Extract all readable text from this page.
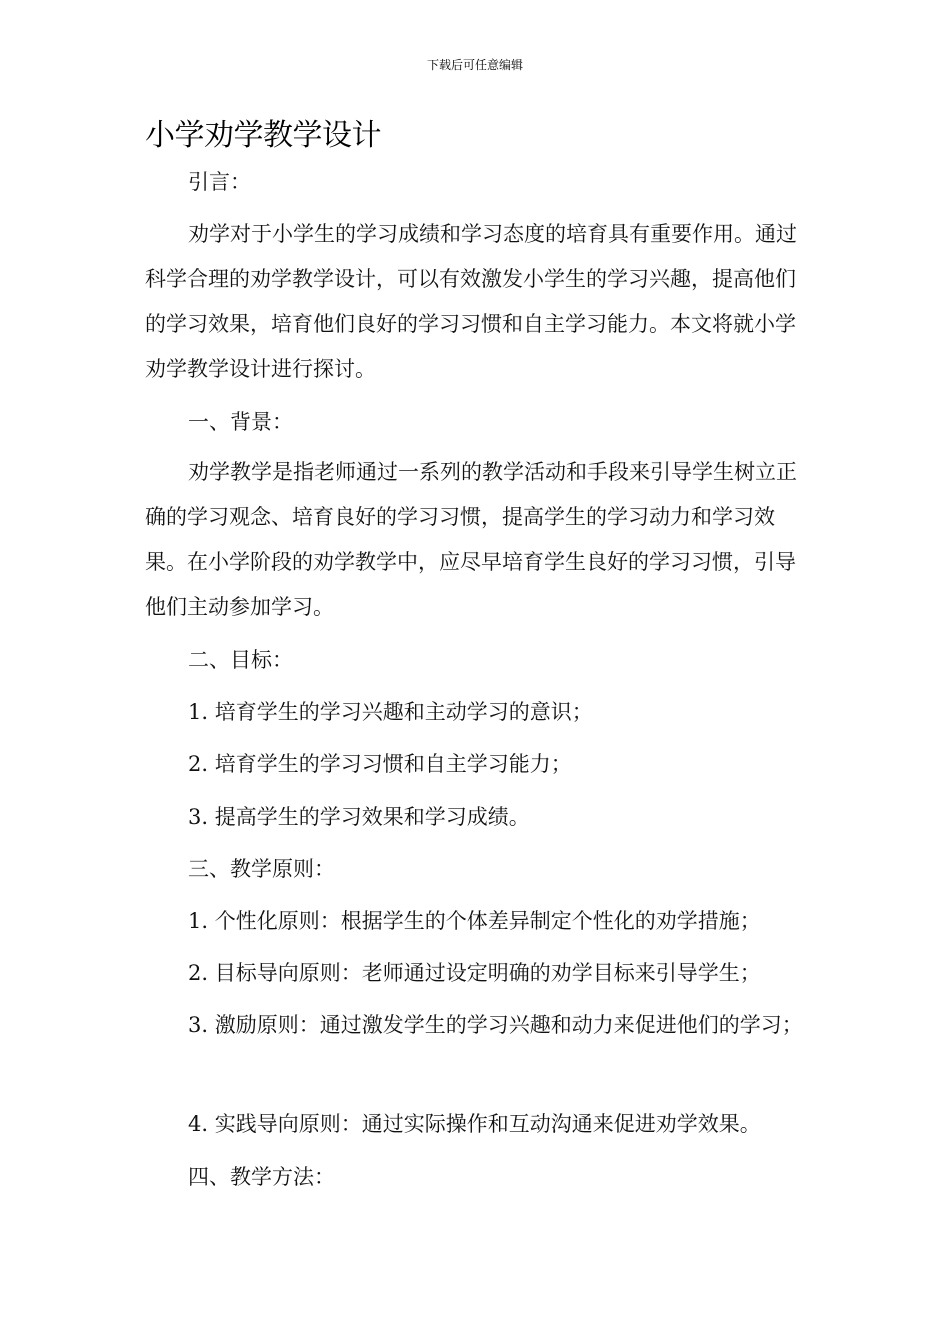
下载后可任意编辑
小学劝学教学设计
引言：
劝学对于小学生的学习成绩和学习态度的培育具有重要作用。通过科学合理的劝学教学设计，可以有效激发小学生的学习兴趣，提高他们的学习效果，培育他们良好的学习习惯和自主学习能力。本文将就小学劝学教学设计进行探讨。
一、背景：
劝学教学是指老师通过一系列的教学活动和手段来引导学生树立正确的学习观念、培育良好的学习习惯，提高学生的学习动力和学习效果。在小学阶段的劝学教学中，应尽早培育学生良好的学习习惯，引导他们主动参加学习。
二、目标：
1. 培育学生的学习兴趣和主动学习的意识；
2. 培育学生的学习习惯和自主学习能力；
3. 提高学生的学习效果和学习成绩。
三、教学原则：
1. 个性化原则：根据学生的个体差异制定个性化的劝学措施；
2. 目标导向原则：老师通过设定明确的劝学目标来引导学生；
3. 激励原则：通过激发学生的学习兴趣和动力来促进他们的学习；
4. 实践导向原则：通过实际操作和互动沟通来促进劝学效果。
四、教学方法：
